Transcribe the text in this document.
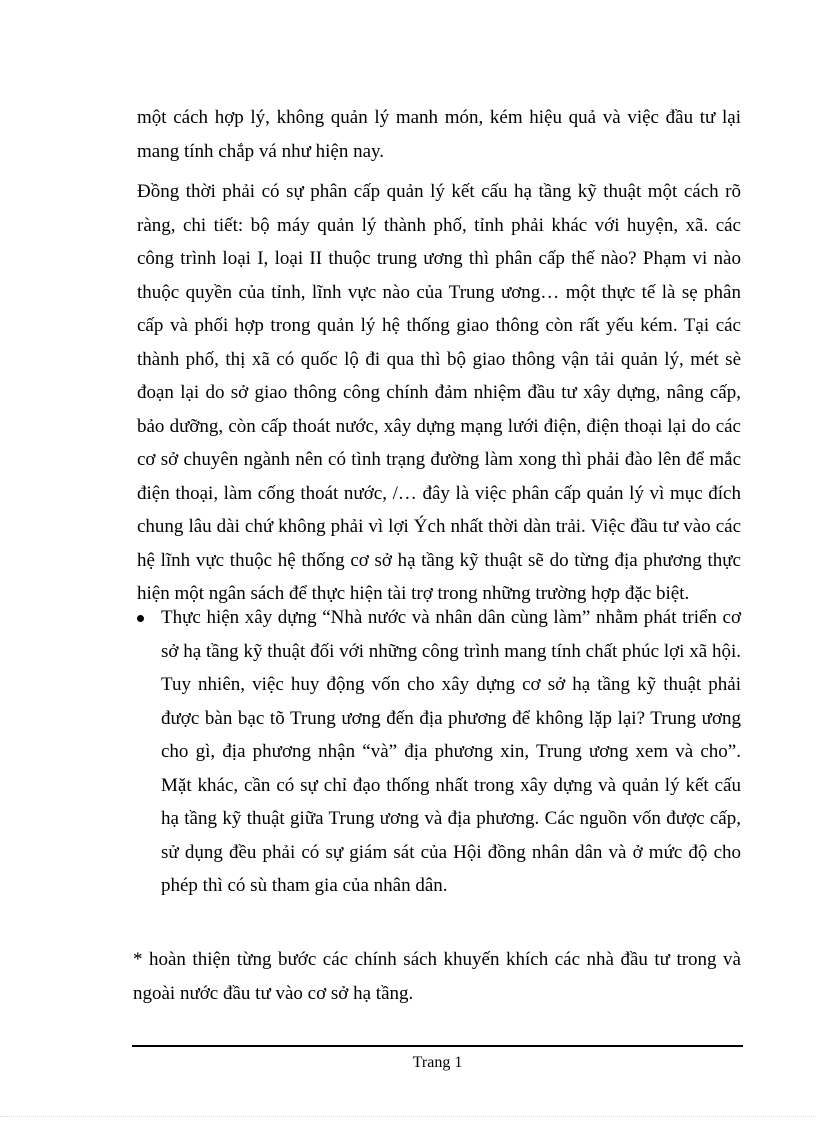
một cách hợp lý, không quản lý manh món, kém hiệu quả và việc đầu tư lại mang tính chắp vá như hiện nay.

Đồng thời phải có sự phân cấp quản lý kết cấu hạ tầng kỹ thuật một cách rõ ràng, chi tiết: bộ máy quản lý thành phố, tỉnh phải khác với huyện, xã. các công trình loại I, loại II thuộc trung ương thì phân cấp thế nào? Phạm vi nào thuộc quyền của tỉnh, lĩnh vực nào của Trung ương… một thực tế là sẹ phân cấp và phối hợp trong quản lý hệ thống giao thông còn rất yếu kém. Tại các thành phố, thị xã có quốc lộ đi qua thì bộ giao thông vận tải quản lý, mét sè đoạn lại do sở giao thông công chính đảm nhiệm đầu tư xây dựng, nâng cấp, bảo dưỡng, còn cấp thoát nước, xây dựng mạng lưới điện, điện thoại lại do các cơ sở chuyên ngành nên có tình trạng đường làm xong thì phải đào lên để mắc điện thoại, làm cống thoát nước, /… đây là việc phân cấp quản lý vì mục đích chung lâu dài chứ không phải vì lợi Ých nhất thời dàn trải. Việc đầu tư vào các hệ lĩnh vực thuộc hệ thống cơ sở hạ tầng kỹ thuật sẽ do từng địa phương thực hiện một ngân sách để thực hiện tài trợ trong những trường hợp đặc biệt.

Thực hiện xây dựng “Nhà nước và nhân dân cùng làm” nhằm phát triển cơ sở hạ tầng kỹ thuật đối với những công trình mang tính chất phúc lợi xã hội. Tuy nhiên, việc huy động vốn cho xây dựng cơ sở hạ tầng kỹ thuật phải được bàn bạc tõ Trung ương đến địa phương để không lặp lại? Trung ương cho gì, địa phương nhận “và” địa phương xin, Trung ương xem và cho”. Mặt khác, cần có sự chỉ đạo thống nhất trong xây dựng và quản lý kết cấu hạ tầng kỹ thuật giữa Trung ương và địa phương. Các nguồn vốn được cấp, sử dụng đều phải có sự giám sát của Hội đồng nhân dân và ở mức độ cho phép thì có sù tham gia của nhân dân.

* hoàn thiện từng bước các chính sách khuyến khích các nhà đầu tư trong và ngoài nước đầu tư vào cơ sở hạ tầng.

Trang 1
